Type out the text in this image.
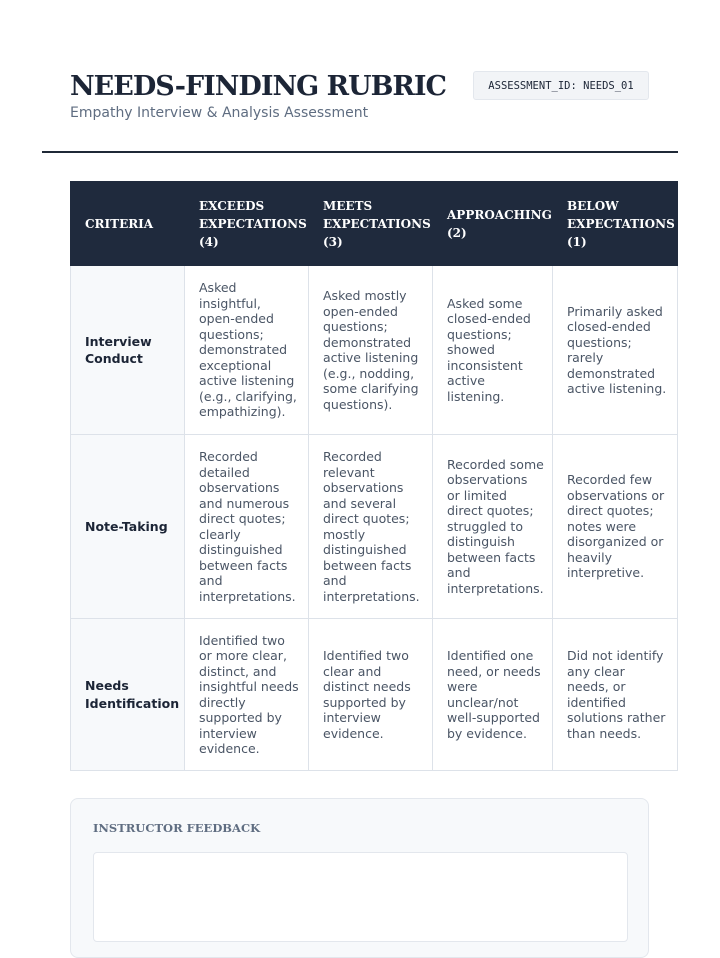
NEEDS-FINDING RUBRIC
Empathy Interview & Analysis Assessment
ASSESSMENT_ID: NEEDS_01
CRITERIA	EXCEEDS EXPECTATIONS (4)	MEETS EXPECTATIONS (3)	APPROACHING (2)	BELOW EXPECTATIONS (1)
Interview Conduct	Asked insightful, open-ended questions; demonstrated exceptional active listening (e.g., clarifying, empathizing).	Asked mostly open-ended questions; demonstrated active listening (e.g., nodding, some clarifying questions).	Asked some closed-ended questions; showed inconsistent active listening.	Primarily asked closed-ended questions; rarely demonstrated active listening.
Note-Taking	Recorded detailed observations and numerous direct quotes; clearly distinguished between facts and interpretations.	Recorded relevant observations and several direct quotes; mostly distinguished between facts and interpretations.	Recorded some observations or limited direct quotes; struggled to distinguish between facts and interpretations.	Recorded few observations or direct quotes; notes were disorganized or heavily interpretive.
Needs Identification	Identified two or more clear, distinct, and insightful needs directly supported by interview evidence.	Identified two clear and distinct needs supported by interview evidence.	Identified one need, or needs were unclear/not well-supported by evidence.	Did not identify any clear needs, or identified solutions rather than needs.
INSTRUCTOR FEEDBACK
